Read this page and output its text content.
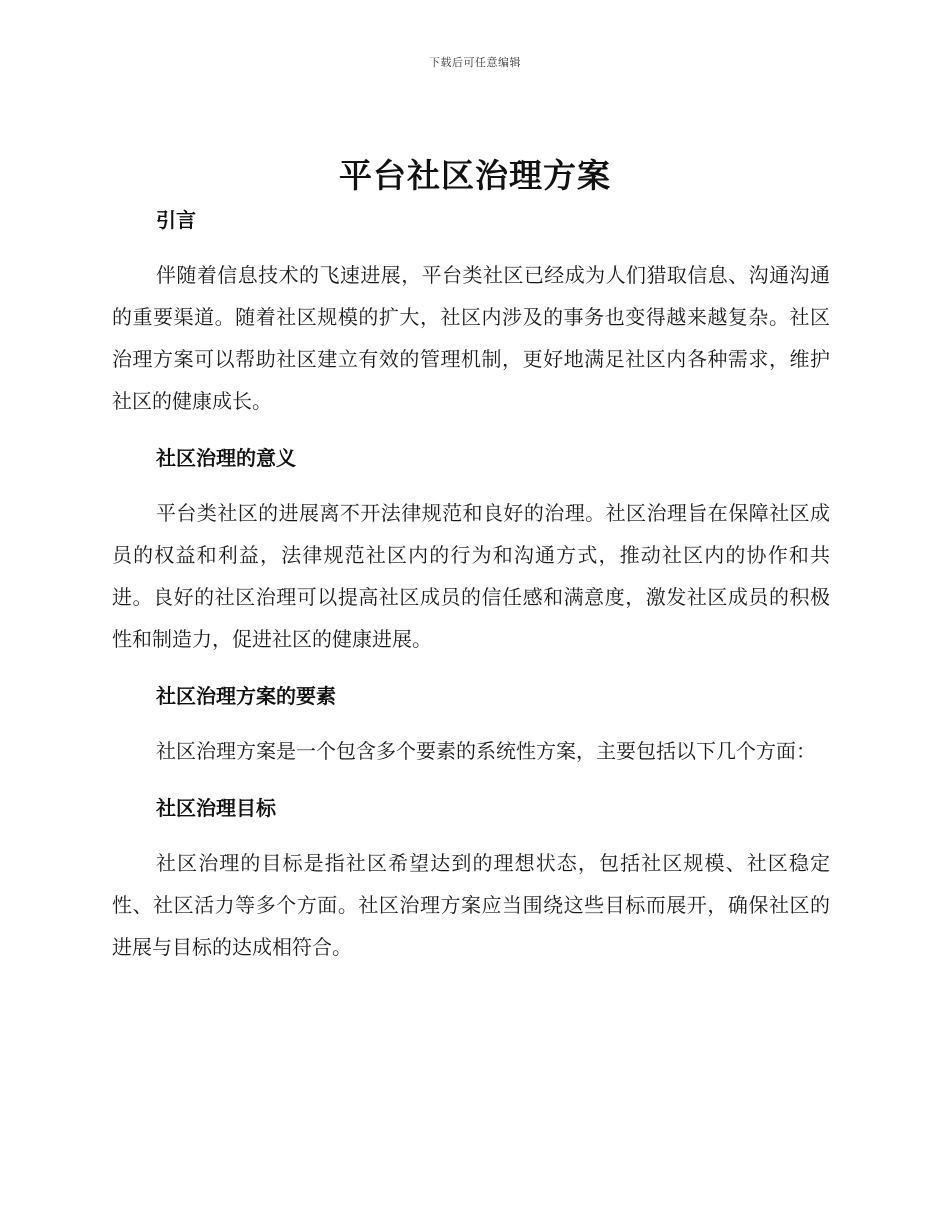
下载后可任意编辑
平台社区治理方案
引言

伴随着信息技术的飞速进展，平台类社区已经成为人们猎取信息、沟通沟通的重要渠道。随着社区规模的扩大，社区内涉及的事务也变得越来越复杂。社区治理方案可以帮助社区建立有效的管理机制，更好地满足社区内各种需求，维护社区的健康成长。

社区治理的意义

平台类社区的进展离不开法律规范和良好的治理。社区治理旨在保障社区成员的权益和利益，法律规范社区内的行为和沟通方式，推动社区内的协作和共进。良好的社区治理可以提高社区成员的信任感和满意度，激发社区成员的积极性和制造力，促进社区的健康进展。

社区治理方案的要素

社区治理方案是一个包含多个要素的系统性方案，主要包括以下几个方面：

社区治理目标

社区治理的目标是指社区希望达到的理想状态，包括社区规模、社区稳定性、社区活力等多个方面。社区治理方案应当围绕这些目标而展开，确保社区的进展与目标的达成相符合。
